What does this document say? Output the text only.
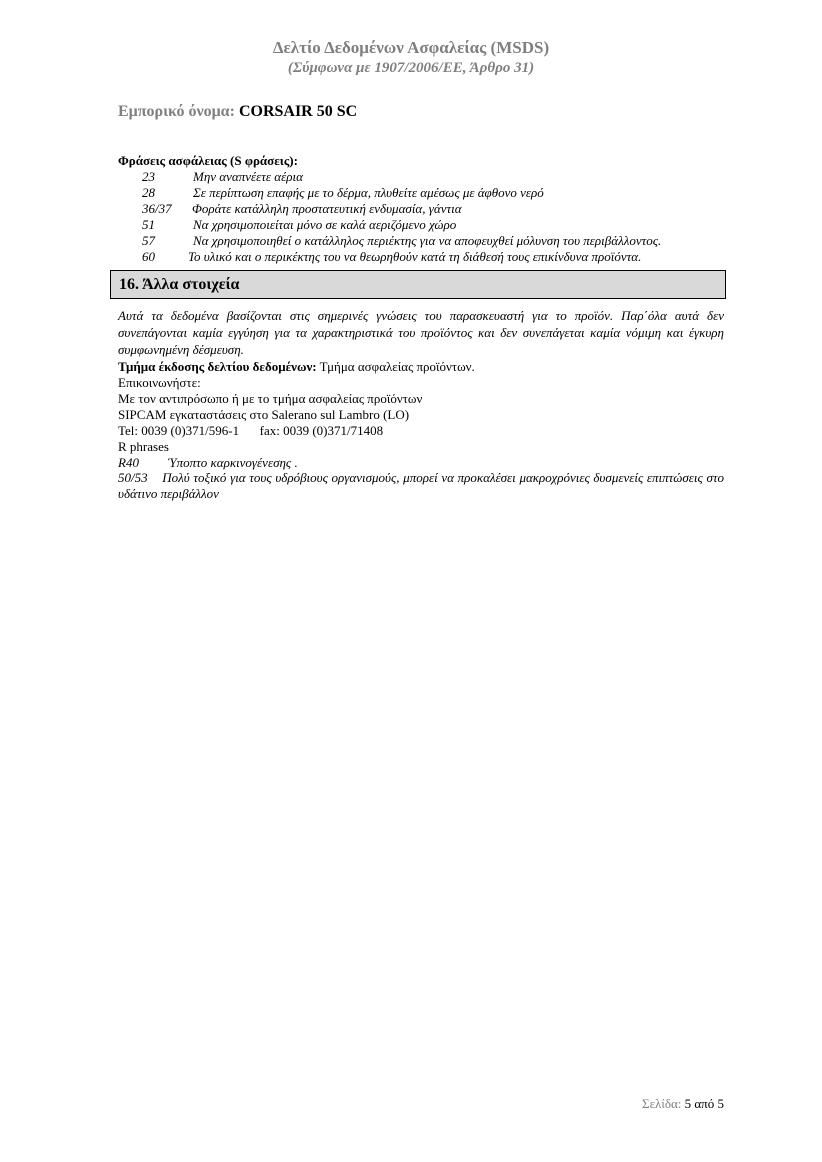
Δελτίο Δεδομένων Ασφαλείας (MSDS)
(Σύμφωνα με 1907/2006/ΕΕ, Άρθρο 31)
Εμπορικό όνομα: CORSAIR 50 SC
Φράσεις ασφάλειας (S φράσεις):
23	Μην αναπνέετε αέρια
28	Σε περίπτωση επαφής με το δέρμα, πλυθείτε αμέσως με άφθονο νερό
36/37 Φοράτε κατάλληλη προστατευτική ενδυμασία, γάντια
51	Να χρησιμοποιείται μόνο σε καλά αεριζόμενο χώρο
57	Να χρησιμοποιηθεί ο κατάλληλος περιέκτης για να αποφευχθεί μόλυνση του περιβάλλοντος.
60	Το υλικό και ο περικέκτης του να θεωρηθούν κατά τη διάθεσή τους επικίνδυνα προϊόντα.
16. Άλλα στοιχεία
Αυτά τα δεδομένα βασίζονται στις σημερινές γνώσεις του παρασκευαστή για το προϊόν. Παρ΄όλα αυτά δεν συνεπάγονται καμία εγγύηση για τα χαρακτηριστικά του προϊόντος και δεν συνεπάγεται καμία νόμιμη και έγκυρη συμφωνημένη δέσμευση.
Τμήμα έκδοσης δελτίου δεδομένων: Τμήμα ασφαλείας προϊόντων.
Επικοινωνήστε:
Με τον αντιπρόσωπο ή με το τμήμα ασφαλείας προϊόντων
SIPCAM εγκαταστάσεις στο Salerano sul Lambro (LO)
Tel: 0039 (0)371/596-1 fax: 0039 (0)371/71408
R phrases
R40 Ύποπτο καρκινογένεσης .
50/53 Πολύ τοξικό για τους υδρόβιους οργανισμούς, μπορεί να προκαλέσει μακροχρόνιες δυσμενείς επιπτώσεις στο υδάτινο περιβάλλον
Σελίδα: 5 από 5
